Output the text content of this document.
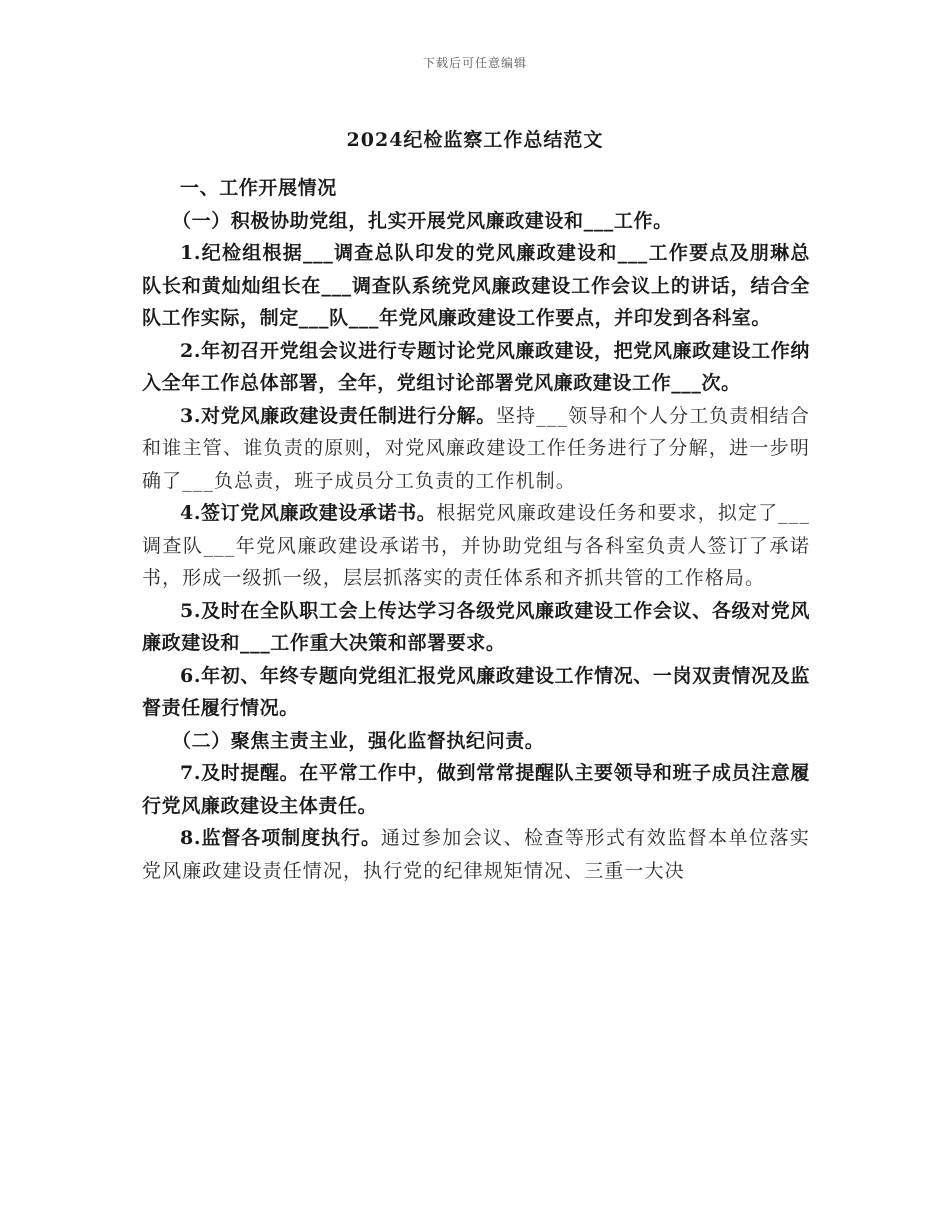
下载后可任意编辑
2024纪检监察工作总结范文

一、工作开展情况

（一）积极协助党组，扎实开展党风廉政建设和___工作。

1.纪检组根据___调查总队印发的党风廉政建设和___工作要点及朋琳总队长和黄灿灿组长在___调查队系统党风廉政建设工作会议上的讲话，结合全队工作实际，制定___队___年党风廉政建设工作要点，并印发到各科室。

2.年初召开党组会议进行专题讨论党风廉政建设，把党风廉政建设工作纳入全年工作总体部署，全年，党组讨论部署党风廉政建设工作___次。

3.对党风廉政建设责任制进行分解。坚持___领导和个人分工负责相结合和谁主管、谁负责的原则，对党风廉政建设工作任务进行了分解，进一步明确了___负总责，班子成员分工负责的工作机制。

4.签订党风廉政建设承诺书。根据党风廉政建设任务和要求，拟定了___调查队___年党风廉政建设承诺书，并协助党组与各科室负责人签订了承诺书，形成一级抓一级，层层抓落实的责任体系和齐抓共管的工作格局。

5.及时在全队职工会上传达学习各级党风廉政建设工作会议、各级对党风廉政建设和___工作重大决策和部署要求。

6.年初、年终专题向党组汇报党风廉政建设工作情况、一岗双责情况及监督责任履行情况。

（二）聚焦主责主业，强化监督执纪问责。

7.及时提醒。在平常工作中，做到常常提醒队主要领导和班子成员注意履行党风廉政建设主体责任。

8.监督各项制度执行。通过参加会议、检查等形式有效监督本单位落实党风廉政建设责任情况，执行党的纪律规矩情况、三重一大决
